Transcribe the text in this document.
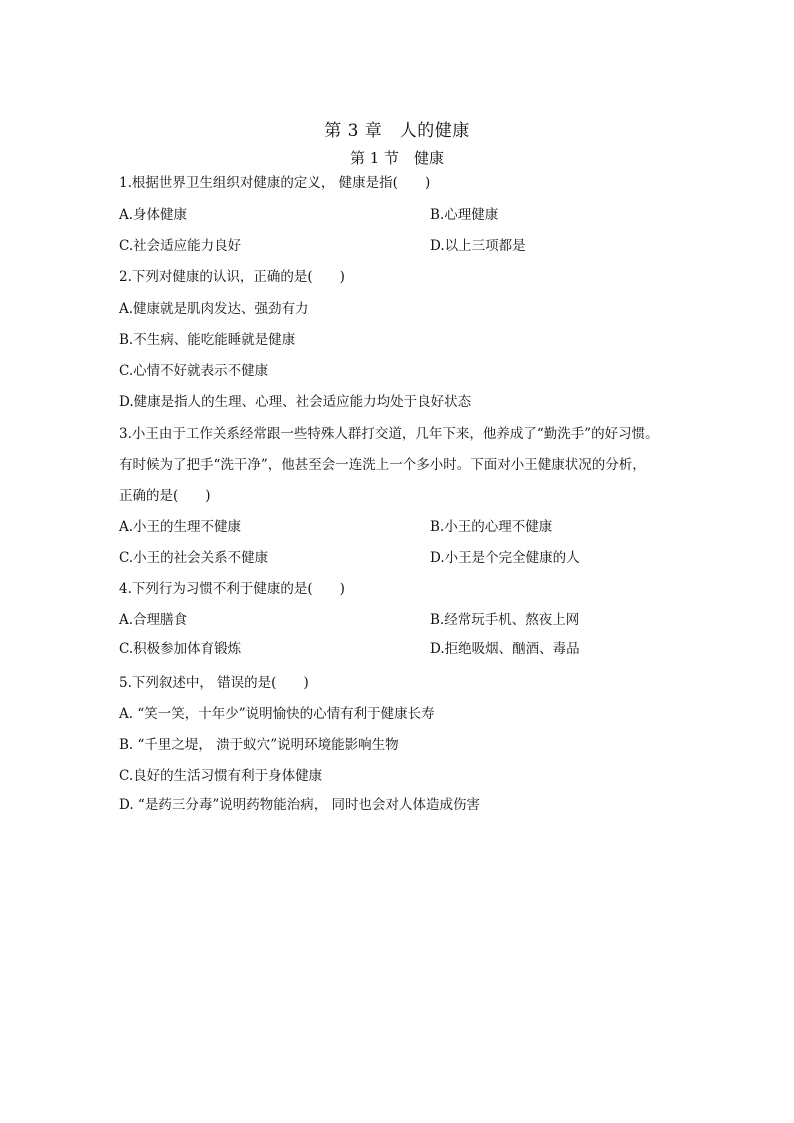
第 3 章　人的健康
第 1 节　健康
1.根据世界卫生组织对健康的定义， 健康是指(　　)
A.身体健康	B.心理健康
C.社会适应能力良好	D.以上三项都是
2.下列对健康的认识，正确的是(　　)
A.健康就是肌肉发达、强劲有力
B.不生病、能吃能睡就是健康
C.心情不好就表示不健康
D.健康是指人的生理、心理、社会适应能力均处于良好状态
3.小王由于工作关系经常跟一些特殊人群打交道，几年下来，他养成了“勤洗手”的好习惯。
有时候为了把手“洗干净”，他甚至会一连洗上一个多小时。下面对小王健康状况的分析，
正确的是(　　)
A.小王的生理不健康	B.小王的心理不健康
C.小王的社会关系不健康	D.小王是个完全健康的人
4.下列行为习惯不利于健康的是(　　)
A.合理膳食	B.经常玩手机、熬夜上网
C.积极参加体育锻炼	D.拒绝吸烟、酗酒、毒品
5.下列叙述中， 错误的是(　　)
A. “笑一笑，十年少”说明愉快的心情有利于健康长寿
B. “千里之堤， 溃于蚁穴”说明环境能影响生物
C.良好的生活习惯有利于身体健康
D. “是药三分毒”说明药物能治病， 同时也会对人体造成伤害
